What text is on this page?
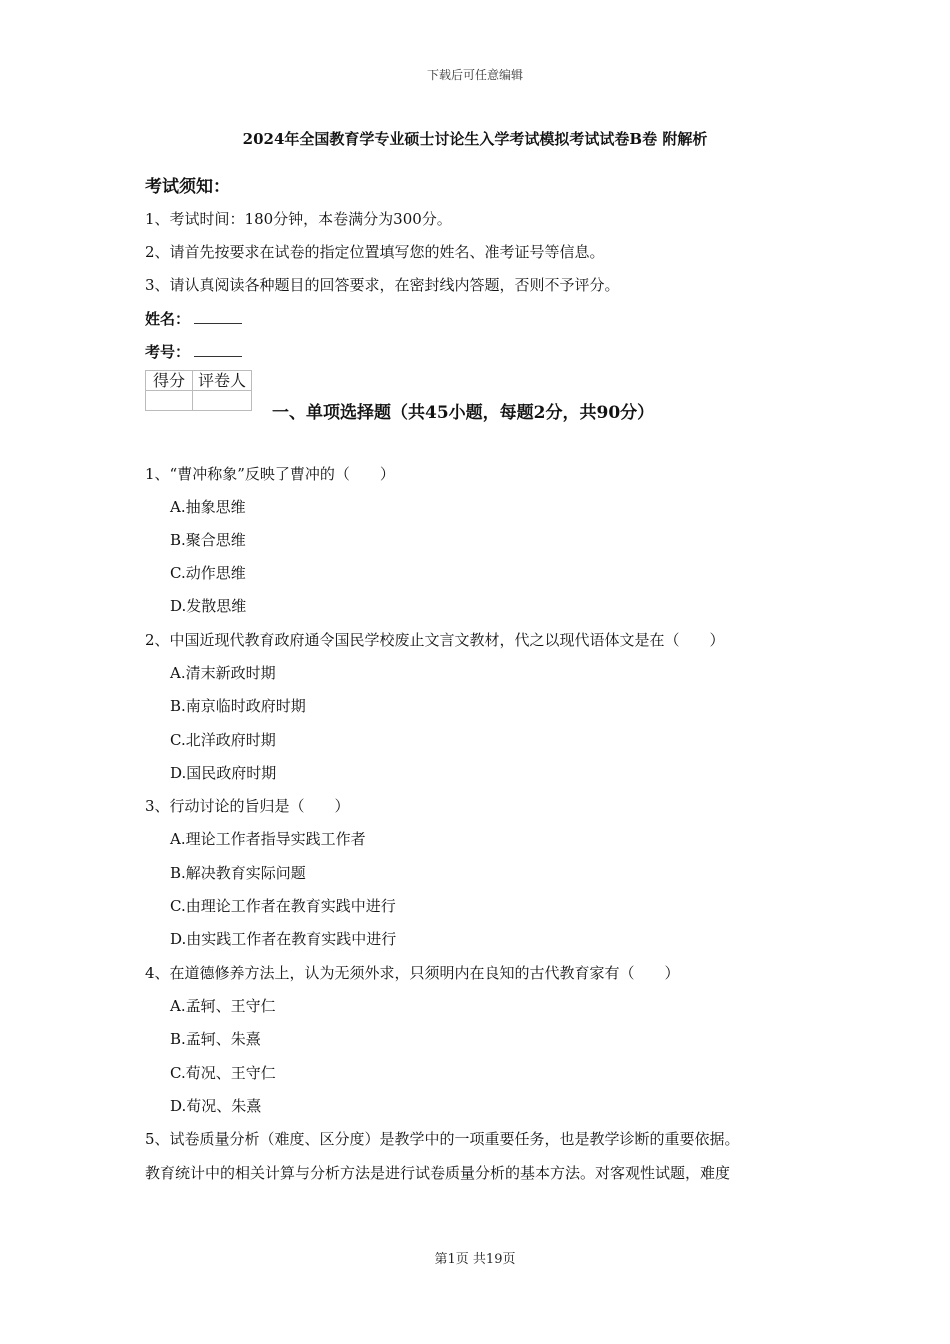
下载后可任意编辑
2024年全国教育学专业硕士讨论生入学考试模拟考试试卷B卷 附解析
考试须知：
1、考试时间：180分钟，本卷满分为300分。
2、请首先按要求在试卷的指定位置填写您的姓名、准考证号等信息。
3、请认真阅读各种题目的回答要求，在密封线内答题，否则不予评分。
姓名：
考号：
得分	评卷人

一、单项选择题（共45小题，每题2分，共90分）
1、“曹冲称象”反映了曹冲的（　　）
A.抽象思维
B.聚合思维
C.动作思维
D.发散思维
2、中国近现代教育政府通令国民学校废止文言文教材，代之以现代语体文是在（　　）
A.清末新政时期
B.南京临时政府时期
C.北洋政府时期
D.国民政府时期
3、行动讨论的旨归是（　　）
A.理论工作者指导实践工作者
B.解决教育实际问题
C.由理论工作者在教育实践中进行
D.由实践工作者在教育实践中进行
4、在道德修养方法上，认为无须外求，只须明内在良知的古代教育家有（　　）
A.孟轲、王守仁
B.孟轲、朱熹
C.荀况、王守仁
D.荀况、朱熹
5、试卷质量分析（难度、区分度）是教学中的一项重要任务，也是教学诊断的重要依据。
教育统计中的相关计算与分析方法是进行试卷质量分析的基本方法。对客观性试题，难度
第1页 共19页
